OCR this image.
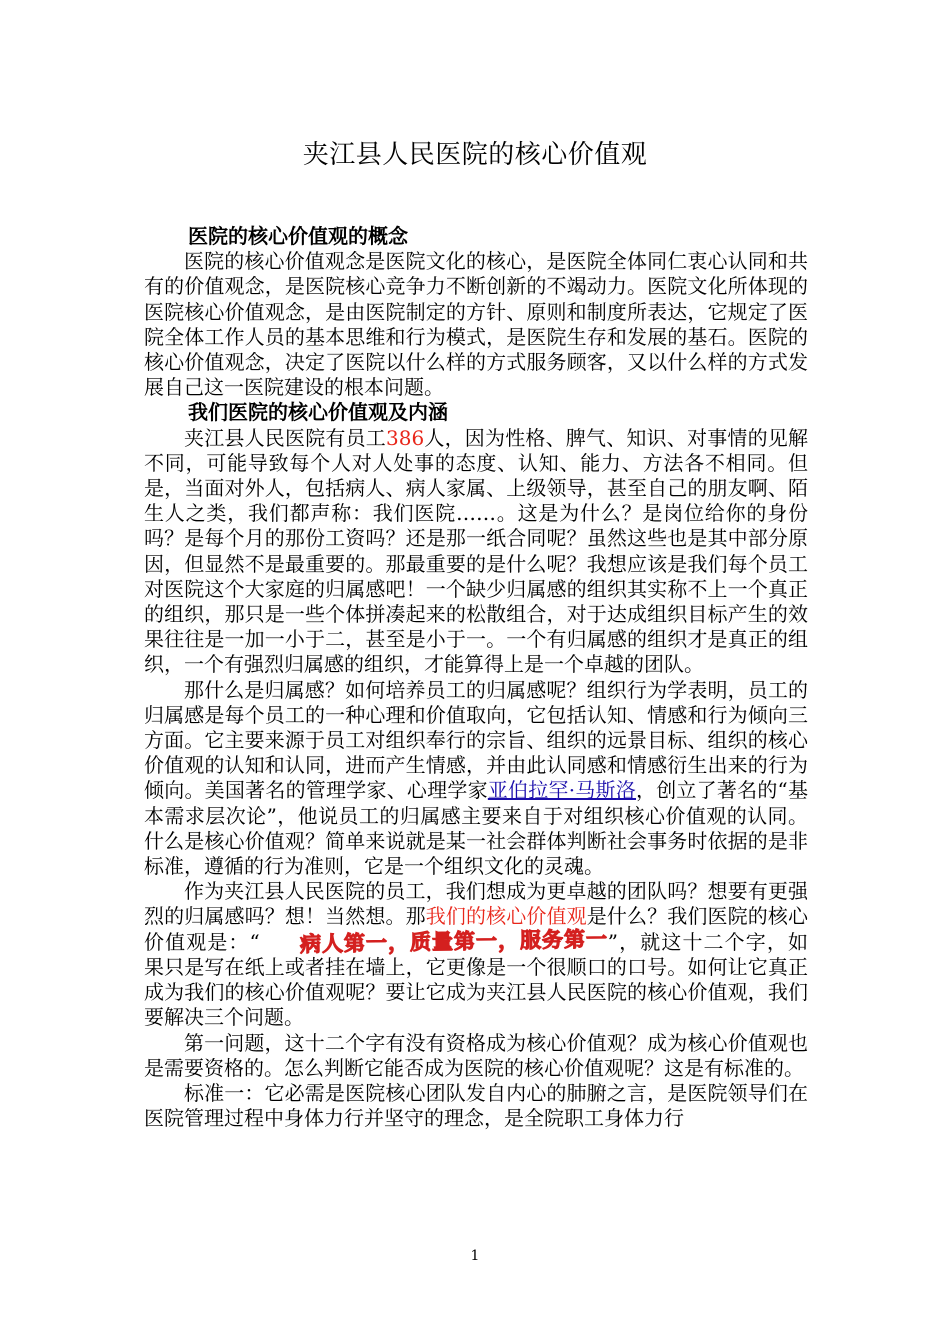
夹江县人民医院的核心价值观
医院的核心价值观的概念

医院的核心价值观念是医院文化的核心，是医院全体同仁衷心认同和共有的价值观念，是医院核心竞争力不断创新的不竭动力。医院文化所体现的医院核心价值观念，是由医院制定的方针、原则和制度所表达，它规定了医院全体工作人员的基本思维和行为模式，是医院生存和发展的基石。医院的核心价值观念，决定了医院以什么样的方式服务顾客，又以什么样的方式发展自己这一医院建设的根本问题。

我们医院的核心价值观及内涵

夹江县人民医院有员工386人，因为性格、脾气、知识、对事情的见解不同，可能导致每个人对人处事的态度、认知、能力、方法各不相同。但是，当面对外人，包括病人、病人家属、上级领导，甚至自己的朋友啊、陌生人之类，我们都声称：我们医院……。这是为什么？是岗位给你的身份吗？是每个月的那份工资吗？还是那一纸合同呢？虽然这些也是其中部分原因，但显然不是最重要的。那最重要的是什么呢？我想应该是我们每个员工对医院这个大家庭的归属感吧！一个缺少归属感的组织其实称不上一个真正的组织，那只是一些个体拼凑起来的松散组合，对于达成组织目标产生的效果往往是一加一小于二，甚至是小于一。一个有归属感的组织才是真正的组织，一个有强烈归属感的组织，才能算得上是一个卓越的团队。

那什么是归属感？如何培养员工的归属感呢？组织行为学表明，员工的归属感是每个员工的一种心理和价值取向，它包括认知、情感和行为倾向三方面。它主要来源于员工对组织奉行的宗旨、组织的远景目标、组织的核心价值观的认知和认同，进而产生情感，并由此认同感和情感衍生出来的行为倾向。美国著名的管理学家、心理学家亚伯拉罕·马斯洛，创立了著名的“基本需求层次论”，他说员工的归属感主要来自于对组织核心价值观的认同。什么是核心价值观？简单来说就是某一社会群体判断社会事务时依据的是非标准，遵循的行为准则，它是一个组织文化的灵魂。

作为夹江县人民医院的员工，我们想成为更卓越的团队吗？想要有更强烈的归属感吗？想！当然想。那我们的核心价值观是什么？我们医院的核心价值观是：“ 病人第一，质量第一，服务第一”，就这十二个字，如果只是写在纸上或者挂在墙上，它更像是一个很顺口的口号。如何让它真正成为我们的核心价值观呢？要让它成为夹江县人民医院的核心价值观，我们要解决三个问题。

第一问题，这十二个字有没有资格成为核心价值观？成为核心价值观也是需要资格的。怎么判断它能否成为医院的核心价值观呢？这是有标准的。

标准一：它必需是医院核心团队发自内心的肺腑之言，是医院领导们在医院管理过程中身体力行并坚守的理念，是全院职工身体力行

1
